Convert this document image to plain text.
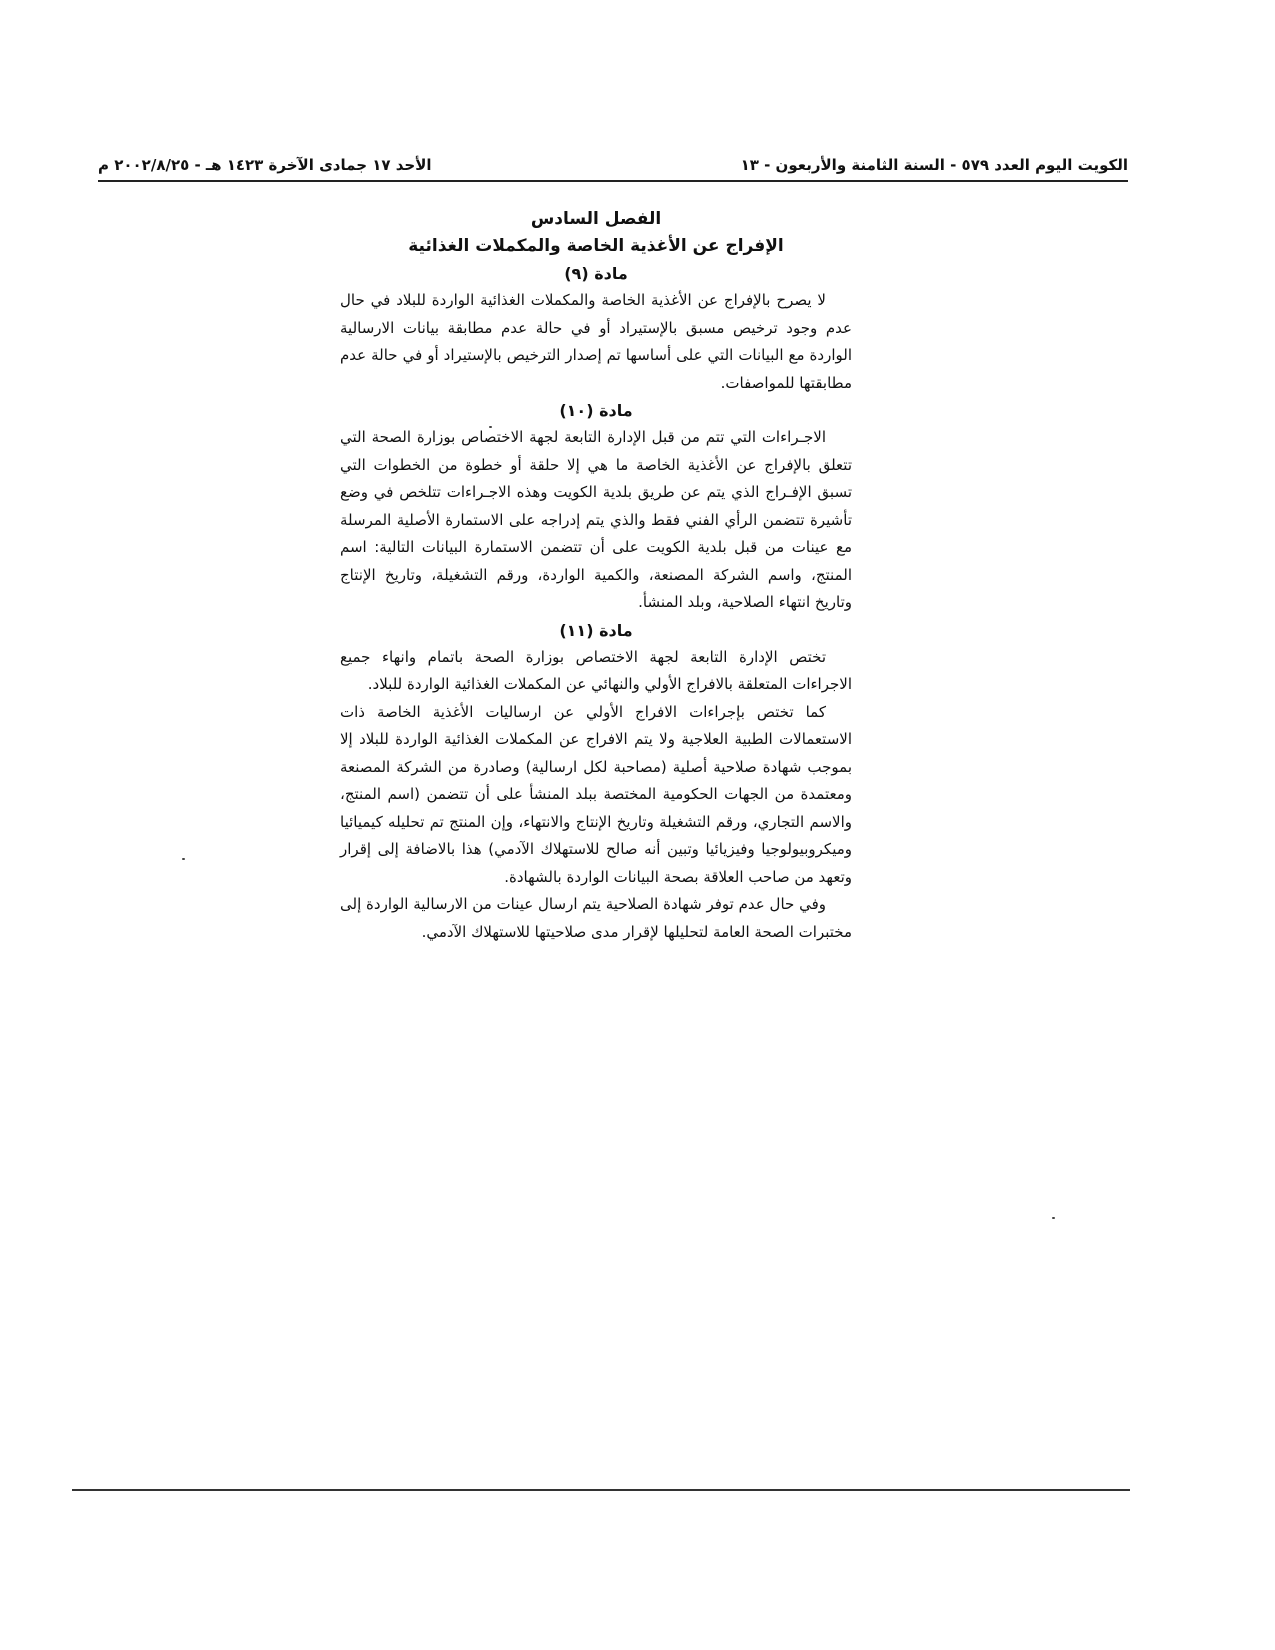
الكويت اليوم العدد ٥٧٩ - السنة الثامنة والأربعون - ١٣
الأحد ١٧ جمادى الآخرة ١٤٢٣ هـ - ٢٠٠٢/٨/٢٥ م
الفصل السادس
الإفراج عن الأغذية الخاصة والمكملات الغذائية
مادة (٩)

لا يصرح بالإفراج عن الأغذية الخاصة والمكملات الغذائية الواردة للبلاد في حال عدم وجود ترخيص مسبق بالإستيراد أو في حالة عدم مطابقة بيانات الارسالية الواردة مع البيانات التي على أساسها تم إصدار الترخيص بالإستيراد أو في حالة عدم مطابقتها للمواصفات.

مادة (١٠)

الاجـراءات التي تتم من قبل الإدارة التابعة لجهة الاختصاص بوزارة الصحة التي تتعلق بالإفراج عن الأغذية الخاصة ما هي إلا حلقة أو خطوة من الخطوات التي تسبق الإفـراج الذي يتم عن طريق بلدية الكويت وهذه الاجـراءات تتلخص في وضع تأشيرة تتضمن الرأي الفني فقط والذي يتم إدراجه على الاستمارة الأصلية المرسلة مع عينات من قبل بلدية الكويت على أن تتضمن الاستمارة البيانات التالية: اسم المنتج، واسم الشركة المصنعة، والكمية الواردة، ورقم التشغيلة، وتاريخ الإنتاج وتاريخ انتهاء الصلاحية، وبلد المنشأ.

مادة (١١)

تختص الإدارة التابعة لجهة الاختصاص بوزارة الصحة باتمام وانهاء جميع الاجراءات المتعلقة بالافراج الأولي والنهائي عن المكملات الغذائية الواردة للبلاد.

كما تختص بإجراءات الافراج الأولي عن ارساليات الأغذية الخاصة ذات الاستعمالات الطبية العلاجية ولا يتم الافراج عن المكملات الغذائية الواردة للبلاد إلا بموجب شهادة صلاحية أصلية (مصاحبة لكل ارسالية) وصادرة من الشركة المصنعة ومعتمدة من الجهات الحكومية المختصة ببلد المنشأ على أن تتضمن (اسم المنتج، والاسم التجاري، ورقم التشغيلة وتاريخ الإنتاج والانتهاء، وإن المنتج تم تحليله كيميائيا وميكروبيولوجيا وفيزيائيا وتبين أنه صالح للاستهلاك الآدمي) هذا بالاضافة إلى إقرار وتعهد من صاحب العلاقة بصحة البيانات الواردة بالشهادة.

وفي حال عدم توفر شهادة الصلاحية يتم ارسال عينات من الارسالية الواردة إلى مختبرات الصحة العامة لتحليلها لإقرار مدى صلاحيتها للاستهلاك الآدمي.
